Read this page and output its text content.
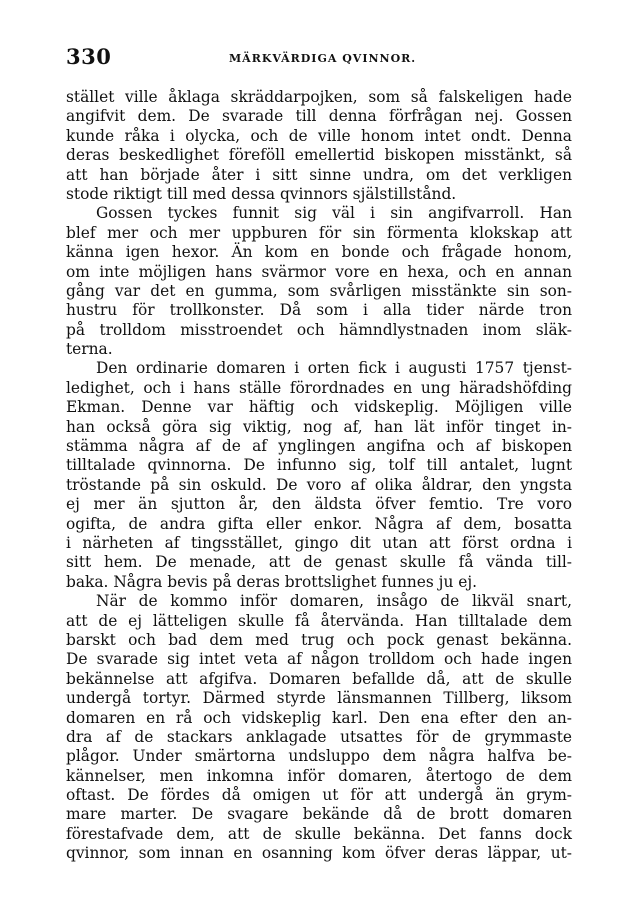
330	MÄRKVÄRDIGA QVINNOR.
stället ville åklaga skräddarpojken, som så falskeligen hade
angifvit dem. De svarade till denna förfrågan nej. Gossen
kunde råka i olycka, och de ville honom intet ondt. Denna
deras beskedlighet föreföll emellertid biskopen misstänkt, så
att han började åter i sitt sinne undra, om det verkligen
stode riktigt till med dessa qvinnors själstillstånd.
Gossen tyckes funnit sig väl i sin angifvarroll. Han
blef mer och mer uppburen för sin förmenta klokskap att
känna igen hexor. Än kom en bonde och frågade honom,
om inte möjligen hans svärmor vore en hexa, och en annan
gång var det en gumma, som svårligen misstänkte sin son-
hustru för trollkonster. Då som i alla tider närde tron
på trolldom misstroendet och hämndlystnaden inom släk-
terna.
Den ordinarie domaren i orten fick i augusti 1757 tjenst-
ledighet, och i hans ställe förordnades en ung häradshöfding
Ekman. Denne var häftig och vidskeplig. Möjligen ville
han också göra sig viktig, nog af, han lät inför tinget in-
stämma några af de af ynglingen angifna och af biskopen
tilltalade qvinnorna. De infunno sig, tolf till antalet, lugnt
tröstande på sin oskuld. De voro af olika åldrar, den yngsta
ej mer än sjutton år, den äldsta öfver femtio. Tre voro
ogifta, de andra gifta eller enkor. Några af dem, bosatta
i närheten af tingsstället, gingo dit utan att först ordna i
sitt hem. De menade, att de genast skulle få vända till-
baka. Några bevis på deras brottslighet funnes ju ej.
När de kommo inför domaren, insågo de likväl snart,
att de ej lätteligen skulle få återvända. Han tilltalade dem
barskt och bad dem med trug och pock genast bekänna.
De svarade sig intet veta af någon trolldom och hade ingen
bekännelse att afgifva. Domaren befallde då, att de skulle
undergå tortyr. Därmed styrde länsmannen Tillberg, liksom
domaren en rå och vidskeplig karl. Den ena efter den an-
dra af de stackars anklagade utsattes för de grymmaste
plågor. Under smärtorna undsluppo dem några halfva be-
kännelser, men inkomna inför domaren, återtogo de dem
oftast. De fördes då omigen ut för att undergå än grym-
mare marter. De svagare bekände då de brott domaren
förestafvade dem, att de skulle bekänna. Det fanns dock
qvinnor, som innan en osanning kom öfver deras läppar, ut-
